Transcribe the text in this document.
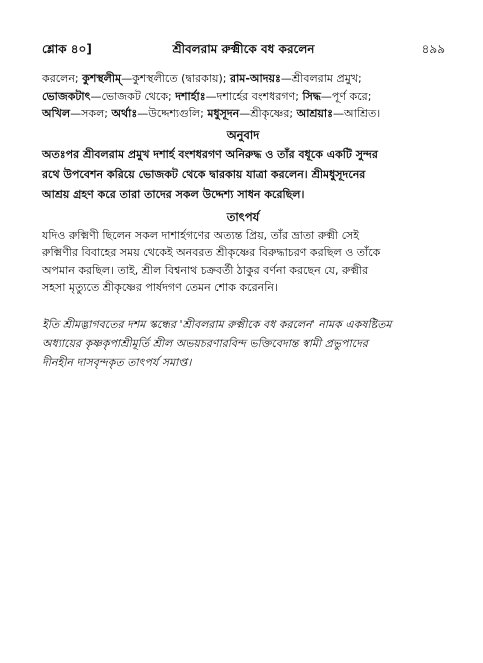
শ্লোক ৪০]	শ্রীবলরাম রুক্মীকে বধ করলেন	৪৯৯

করলেন; কুশস্থলীম্—কুশস্থলীতে (দ্বারকায়); রাম-আদয়ঃ—শ্রীবলরাম প্রমুখ;

ভোজকটাৎ—ভোজকট থেকে; দশার্হাঃ—দশার্হের বংশধরগণ; সিদ্ধ—পূর্ণ করে;

অখিল—সকল; অর্থাঃ—উদ্দেশ্যগুলি; মধুসূদন—শ্রীকৃষ্ণের; আশ্রয়াঃ—আশ্রিত।

অনুবাদ

অতঃপর শ্রীবলরাম প্রমুখ দশার্হ বংশধরগণ অনিরুদ্ধ ও তাঁর বধূকে একটি সুন্দর

রথে উপবেশন করিয়ে ভোজকট থেকে দ্বারকায় যাত্রা করলেন। শ্রীমধুসূদনের

আশ্রয় গ্রহণ করে তারা তাদের সকল উদ্দেশ্য সাধন করেছিল।

তাৎপর্য

যদিও রুক্মিণী ছিলেন সকল দাশার্হগণের অত্যন্ত প্রিয়, তাঁর ভ্রাতা রুক্মী সেই

রুক্মিণীর বিবাহের সময় থেকেই অনবরত শ্রীকৃষ্ণের বিরুদ্ধাচরণ করছিল ও তাঁকে

অপমান করছিল। তাই, শ্রীল বিশ্বনাথ চক্রবর্তী ঠাকুর বর্ণনা করছেন যে, রুক্মীর

সহসা মৃত্যুতে শ্রীকৃষ্ণের পার্ষদগণ তেমন শোক করেননি।

ইতি শ্রীমদ্ভাগবতের দশম স্কন্ধের 'শ্রীবলরাম রুক্মীকে বধ করলেন' নামক একষষ্টিতম
অধ্যায়ের কৃষ্ণকৃপাশ্রীমূর্তি শ্রীল অভয়চরণারবিন্দ ভক্তিবেদান্ত স্বামী প্রভুপাদের
দীনহীন দাসবৃন্দকৃত তাৎপর্য সমাপ্ত।
